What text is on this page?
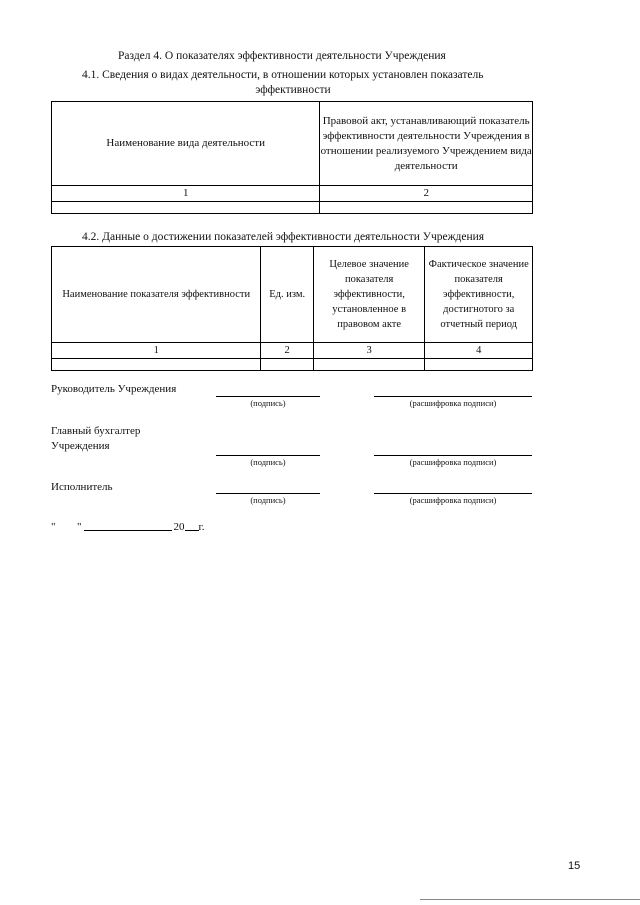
Раздел 4. О показателях эффективности деятельности Учреждения
4.1. Сведения о видах деятельности, в отношении которых установлен показатель
эффективности
Наименование вида деятельности	Правовой акт, устанавливающий показатель эффективности деятельности Учреждения в отношении реализуемого Учреждением вида деятельности
1	2

4.2. Данные о достижении показателей эффективности деятельности Учреждения
Наименование показателя эффективности	Ед. изм.	Целевое значение показателя эффективности, установленное в правовом акте	Фактическое значение показателя эффективности, достигнотого за отчетный период
1	2	3	4

Руководитель Учреждения
(подпись)	(расшифровка подписи)
Главный бухгалтер
Учреждения
(подпись)	(расшифровка подписи)
Исполнитель
(подпись)	(расшифровка подписи)
" "	20 г.
15
